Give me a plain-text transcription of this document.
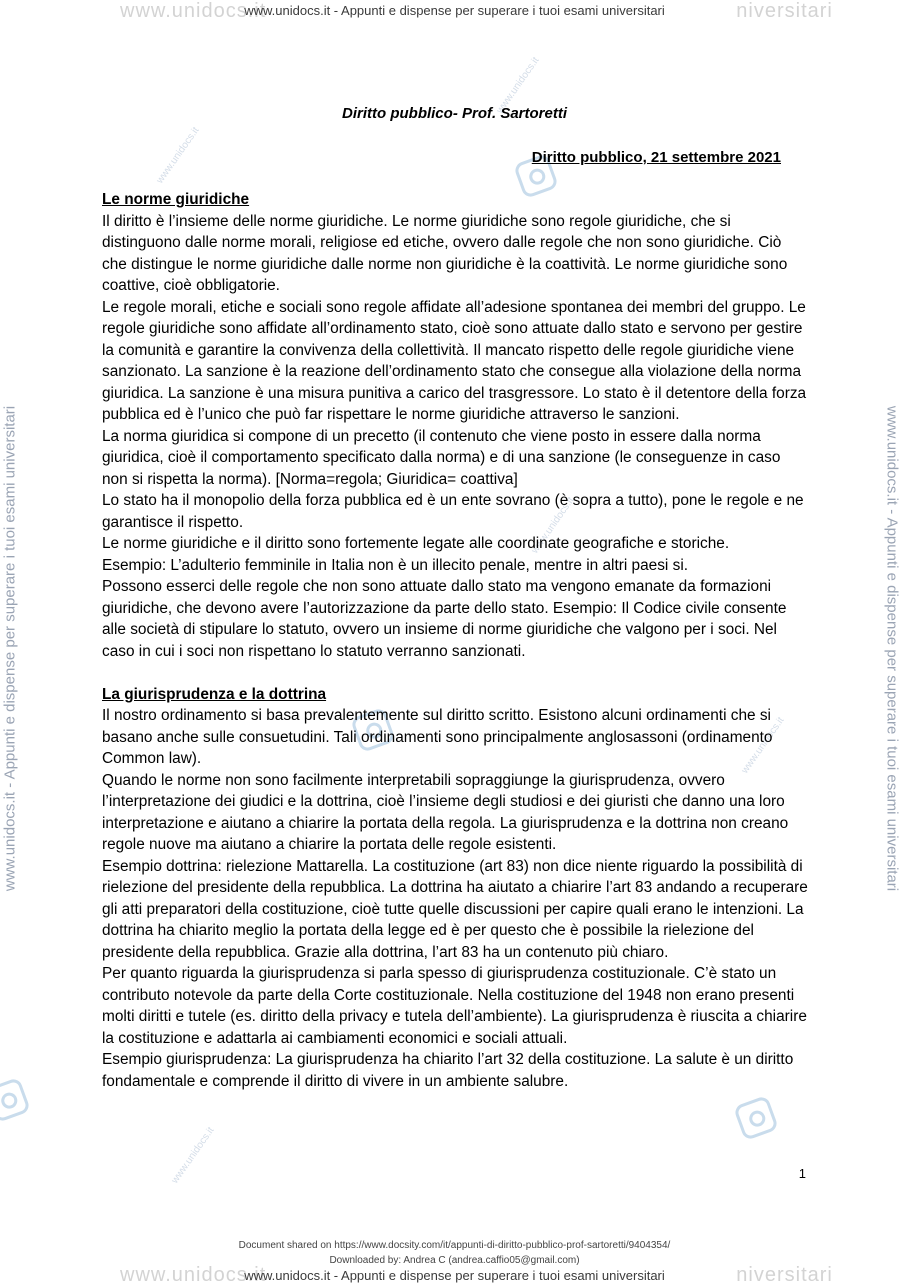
www.unidocs.it	niversitari
www.unidocs.it - Appunti e dispense per superare i tuoi esami universitari
www.unidocs.it	niversitari
www.unidocs.it - Appunti e dispense per superare i tuoi esami universitari
www.unidocs.it - Appunti e dispense per superare i tuoi esami universitari	www.unidocs.it - Appunti e dispense per superare i tuoi esami universitari
www.unidocs.it
www.unidocs.it
www.unidocs.it
www.unidocs.it
www.unidocs.it
Diritto pubblico- Prof. Sartoretti
Diritto pubblico, 21 settembre 2021

Le norme giuridiche

Il diritto è l’insieme delle norme giuridiche. Le norme giuridiche sono regole giuridiche, che si distinguono dalle norme morali, religiose ed etiche, ovvero dalle regole che non sono giuridiche. Ciò che distingue le norme giuridiche dalle norme non giuridiche è la coattività. Le norme giuridiche sono coattive, cioè obbligatorie.

Le regole morali, etiche e sociali sono regole affidate all’adesione spontanea dei membri del gruppo. Le regole giuridiche sono affidate all’ordinamento stato, cioè sono attuate dallo stato e servono per gestire la comunità e garantire la convivenza della collettività. Il mancato rispetto delle regole giuridiche viene sanzionato. La sanzione è la reazione dell’ordinamento stato che consegue alla violazione della norma giuridica. La sanzione è una misura punitiva a carico del trasgressore. Lo stato è il detentore della forza pubblica ed è l’unico che può far rispettare le norme giuridiche attraverso le sanzioni.

La norma giuridica si compone di un precetto (il contenuto che viene posto in essere dalla norma giuridica, cioè il comportamento specificato dalla norma) e di una sanzione (le conseguenze in caso non si rispetta la norma). [Norma=regola; Giuridica= coattiva]

Lo stato ha il monopolio della forza pubblica ed è un ente sovrano (è sopra a tutto), pone le regole e ne garantisce il rispetto.

Le norme giuridiche e il diritto sono fortemente legate alle coordinate geografiche e storiche.

Esempio: L’adulterio femminile in Italia non è un illecito penale, mentre in altri paesi si.

Possono esserci delle regole che non sono attuate dallo stato ma vengono emanate da formazioni giuridiche, che devono avere l’autorizzazione da parte dello stato. Esempio: Il Codice civile consente alle società di stipulare lo statuto, ovvero un insieme di norme giuridiche che valgono per i soci. Nel caso in cui i soci non rispettano lo statuto verranno sanzionati.

La giurisprudenza e la dottrina

Il nostro ordinamento si basa prevalentemente sul diritto scritto. Esistono alcuni ordinamenti che si basano anche sulle consuetudini. Tali ordinamenti sono principalmente anglosassoni (ordinamento Common law).

Quando le norme non sono facilmente interpretabili sopraggiunge la giurisprudenza, ovvero l’interpretazione dei giudici e la dottrina, cioè l’insieme degli studiosi e dei giuristi che danno una loro interpretazione e aiutano a chiarire la portata della regola. La giurisprudenza e la dottrina non creano regole nuove ma aiutano a chiarire la portata delle regole esistenti.

Esempio dottrina: rielezione Mattarella. La costituzione (art 83) non dice niente riguardo la possibilità di rielezione del presidente della repubblica. La dottrina ha aiutato a chiarire l’art 83 andando a recuperare gli atti preparatori della costituzione, cioè tutte quelle discussioni per capire quali erano le intenzioni. La dottrina ha chiarito meglio la portata della legge ed è per questo che è possibile la rielezione del presidente della repubblica. Grazie alla dottrina, l’art 83 ha un contenuto più chiaro.

Per quanto riguarda la giurisprudenza si parla spesso di giurisprudenza costituzionale. C’è stato un contributo notevole da parte della Corte costituzionale. Nella costituzione del 1948 non erano presenti molti diritti e tutele (es. diritto della privacy e tutela dell’ambiente). La giurisprudenza è riuscita a chiarire la costituzione e adattarla ai cambiamenti economici e sociali attuali.

Esempio giurisprudenza: La giurisprudenza ha chiarito l’art 32 della costituzione. La salute è un diritto fondamentale e comprende il diritto di vivere in un ambiente salubre.

1
Document shared on https://www.docsity.com/it/appunti-di-diritto-pubblico-prof-sartoretti/9404354/
Downloaded by: Andrea C (andrea.caffio05@gmail.com)
